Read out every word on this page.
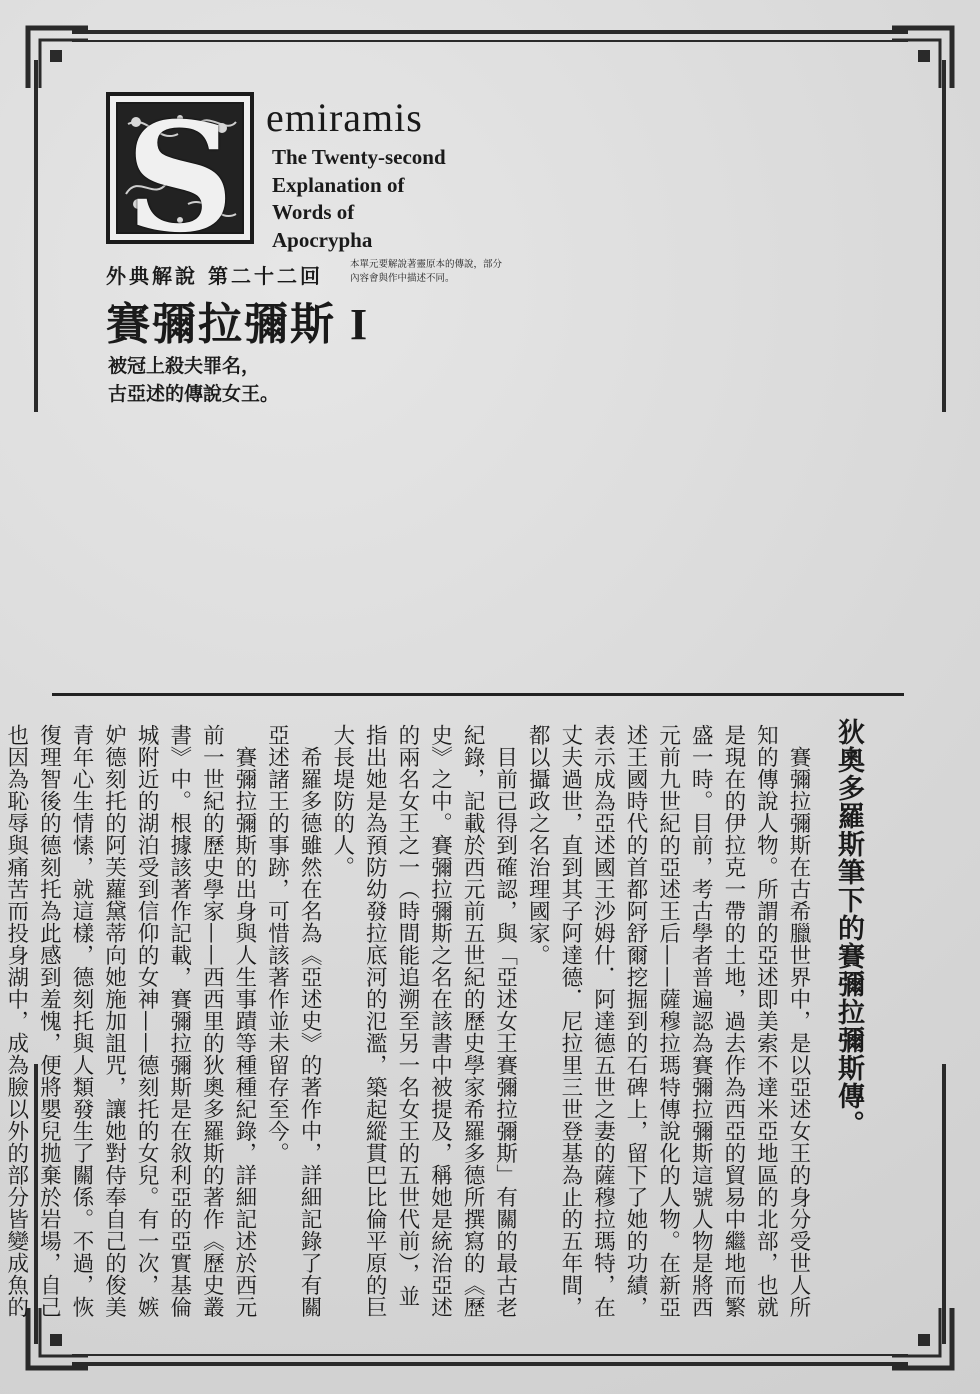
S emiramis
The Twenty-second
Explanation of
Words of
Apocrypha
外典解說 第二十二回	本單元要解說著靈原本的傳說，部分內容會與作中描述不同。
賽彌拉彌斯 I
被冠上殺夫罪名，
古亞述的傳說女王。
狄奧多羅斯筆下的賽彌拉彌斯傳。

賽彌拉彌斯在古希臘世界中，是以亞述女王的身分受世人所知的傳說人物。所謂的亞述即美索不達米亞地區的北部，也就是現在的伊拉克一帶的土地，過去作為西亞的貿易中繼地而繁盛一時。目前，考古學者普遍認為賽彌拉彌斯這號人物是將西元前九世紀的亞述王后——薩穆拉瑪特傳說化的人物。在新亞述王國時代的首都阿舒爾挖掘到的石碑上，留下了她的功績，表示成為亞述國王沙姆什．阿達德五世之妻的薩穆拉瑪特，在丈夫過世，直到其子阿達德．尼拉里三世登基為止的五年間，都以攝政之名治理國家。

目前已得到確認，與「亞述女王賽彌拉彌斯」有關的最古老紀錄，記載於西元前五世紀的歷史學家希羅多德所撰寫的《歷史》之中。賽彌拉彌斯之名在該書中被提及，稱她是統治亞述的兩名女王之一（時間能追溯至另一名女王的五世代前），並指出她是為預防幼發拉底河的氾濫，築起縱貫巴比倫平原的巨大長堤防的人。

希羅多德雖然在名為《亞述史》的著作中，詳細記錄了有關亞述諸王的事跡，可惜該著作並未留存至今。

賽彌拉彌斯的出身與人生事蹟等種種紀錄，詳細記述於西元前一世紀的歷史學家——西西里的狄奧多羅斯的著作《歷史叢書》中。根據該著作記載，賽彌拉彌斯是在敘利亞的亞實基倫城附近的湖泊受到信仰的女神——德刻托的女兒。有一次，嫉妒德刻托的阿芙蘿黛蒂向她施加詛咒，讓她對侍奉自己的俊美青年心生情愫，就這樣，德刻托與人類發生了關係。不過，恢復理智後的德刻托為此感到羞愧，便將嬰兒拋棄於岩場，自己也因為恥辱與痛苦而投身湖中，成為臉以外的部分皆變成魚的
